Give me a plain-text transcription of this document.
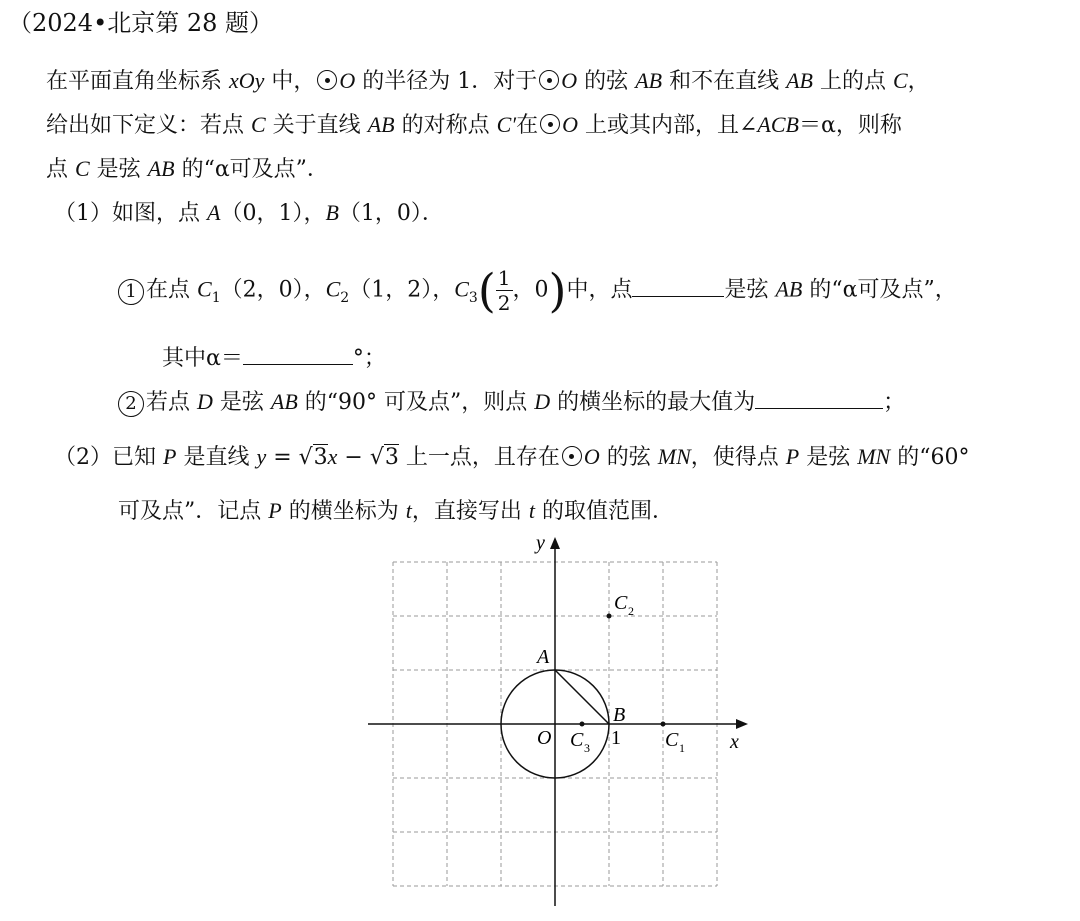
（2024•北京第 28 题）
在平面直角坐标系 xOy 中， O 的半径为 1．对于 O 的弦 AB 和不在直线 AB 上的点 C，
给出如下定义：若点 C 关于直线 AB 的对称点 C′在 O 上或其内部，且∠ACB＝α，则称
点 C 是弦 AB 的“α可及点”．
（1）如图，点 A（0，1），B（1，0）．
1 在点 $C_1(2$，0），$C_2(1$，2），$C_3( \frac{1}{2}$ ，0)中，点	是弦 AB 的“α可及点”，
其中α＝	°；
2 若点 D 是弦 AB 的“90° 可及点”，则点 D 的横坐标的最大值为	；
（2）已知 P 是直线 y = √3x − √3 上一点，且存在 O 的弦 MN，使得点 P 是弦 MN 的“60°
可及点”．记点 P 的横坐标为 t，直接写出 t 的取值范围．
y
x
O
A
B
1 C 1
C 2
C 3
